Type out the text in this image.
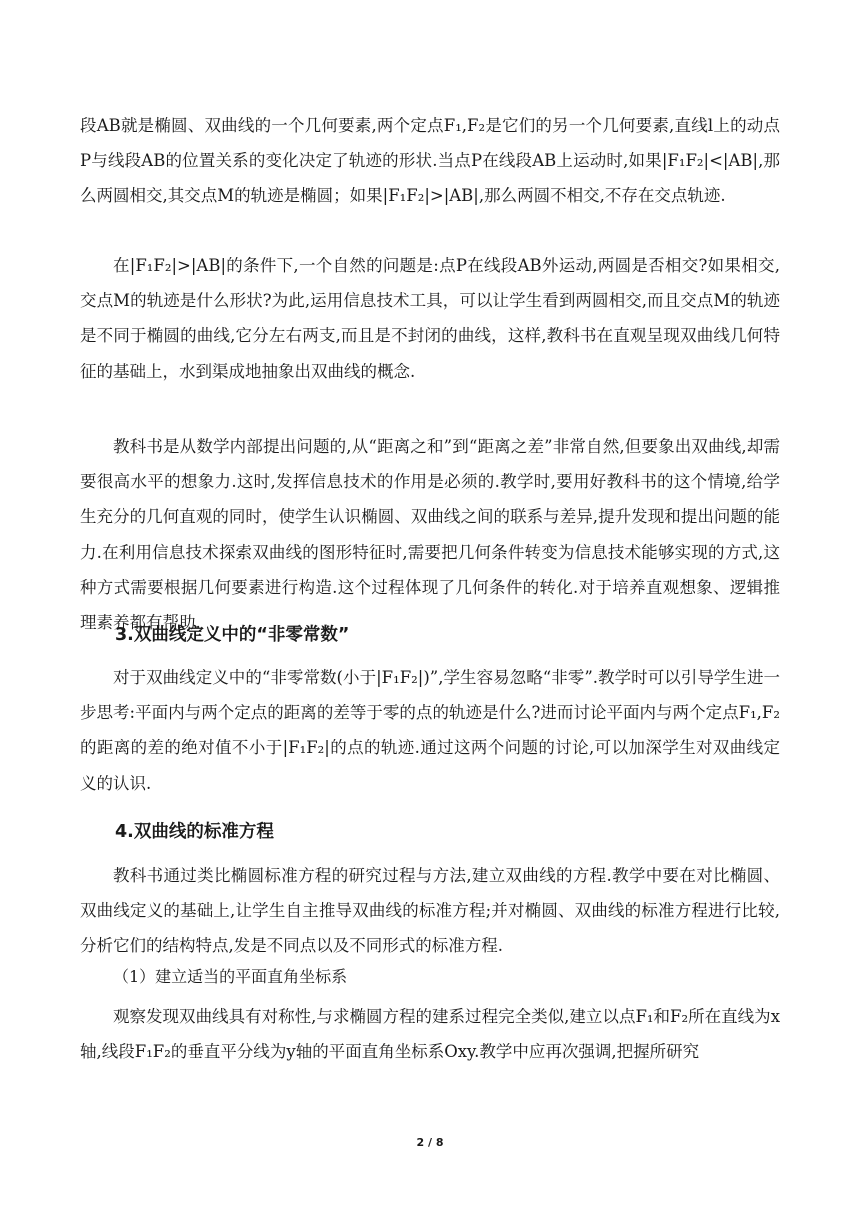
段AB就是椭圆、双曲线的一个几何要素,两个定点F₁,F₂是它们的另一个几何要素,直线l上的动点P与线段AB的位置关系的变化决定了轨迹的形状.当点P在线段AB上运动时,如果|F₁F₂|<|AB|,那么两圆相交,其交点M的轨迹是椭圆；如果|F₁F₂|>|AB|,那么两圆不相交,不存在交点轨迹.

在|F₁F₂|>|AB|的条件下,一个自然的问题是:点P在线段AB外运动,两圆是否相交?如果相交,交点M的轨迹是什么形状?为此,运用信息技术工具，可以让学生看到两圆相交,而且交点M的轨迹是不同于椭圆的曲线,它分左右两支,而且是不封闭的曲线，这样,教科书在直观呈现双曲线几何特征的基础上，水到渠成地抽象出双曲线的概念.

教科书是从数学内部提出问题的,从“距离之和”到“距离之差”非常自然,但要象出双曲线,却需要很高水平的想象力.这时,发挥信息技术的作用是必须的.教学时,要用好教科书的这个情境,给学生充分的几何直观的同时，使学生认识椭圆、双曲线之间的联系与差异,提升发现和提出问题的能力.在利用信息技术探索双曲线的图形特征时,需要把几何条件转变为信息技术能够实现的方式,这种方式需要根据几何要素进行构造.这个过程体现了几何条件的转化.对于培养直观想象、逻辑推理素养都有帮助.

3.双曲线定义中的“非零常数”

对于双曲线定义中的“非零常数(小于|F₁F₂|)”,学生容易忽略“非零”.教学时可以引导学生进一步思考:平面内与两个定点的距离的差等于零的点的轨迹是什么?进而讨论平面内与两个定点F₁,F₂的距离的差的绝对值不小于|F₁F₂|的点的轨迹.通过这两个问题的讨论,可以加深学生对双曲线定义的认识.

4.双曲线的标准方程

教科书通过类比椭圆标准方程的研究过程与方法,建立双曲线的方程.教学中要在对比椭圆、双曲线定义的基础上,让学生自主推导双曲线的标准方程;并对椭圆、双曲线的标准方程进行比较,分析它们的结构特点,发是不同点以及不同形式的标准方程.

（1）建立适当的平面直角坐标系

观察发现双曲线具有对称性,与求椭圆方程的建系过程完全类似,建立以点F₁和F₂所在直线为x轴,线段F₁F₂的垂直平分线为y轴的平面直角坐标系Oxy.教学中应再次强调,把握所研究

2 / 8
